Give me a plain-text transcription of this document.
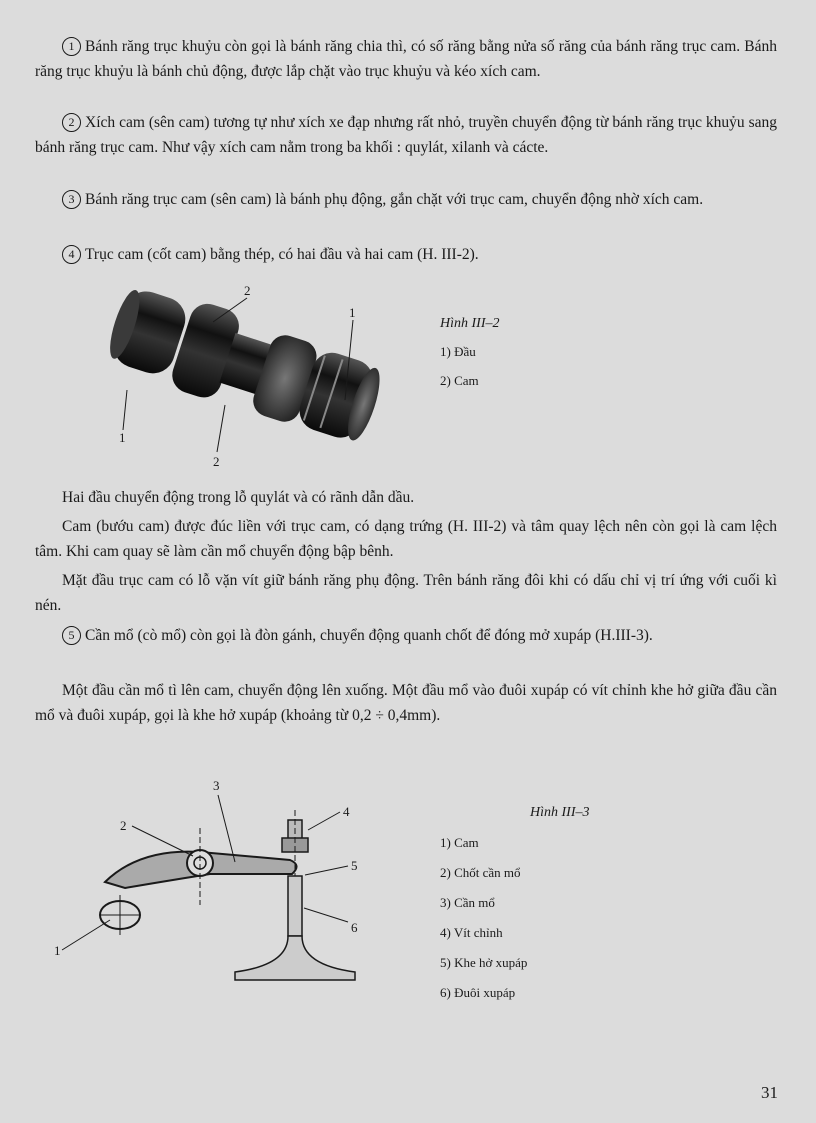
1 Bánh răng trục khuỷu còn gọi là bánh răng chia thì, có số răng bằng nửa số răng của bánh răng trục cam. Bánh răng trục khuỷu là bánh chủ động, được lắp chặt vào trục khuỷu và kéo xích cam.

2 Xích cam (sên cam) tương tự như xích xe đạp nhưng rất nhỏ, truyền chuyển động từ bánh răng trục khuỷu sang bánh răng trục cam. Như vậy xích cam nằm trong ba khối : quylát, xilanh và cácte.

3 Bánh răng trục cam (sên cam) là bánh phụ động, gắn chặt với trục cam, chuyển động nhờ xích cam.

4 Trục cam (cốt cam) bằng thép, có hai đầu và hai cam (H. III-2).

2
1
1
2
Hình III–2
1) Đầu
2) Cam

Hai đầu chuyển động trong lỗ quylát và có rãnh dẫn dầu.

Cam (bướu cam) được đúc liền với trục cam, có dạng trứng (H. III-2) và tâm quay lệch nên còn gọi là cam lệch tâm. Khi cam quay sẽ làm cần mổ chuyển động bập bênh.

Mặt đầu trục cam có lỗ vặn vít giữ bánh răng phụ động. Trên bánh răng đôi khi có dấu chỉ vị trí ứng với cuối kì nén.

5 Cần mổ (cò mổ) còn gọi là đòn gánh, chuyển động quanh chốt để đóng mở xupáp (H.III-3).

Một đầu cần mổ tì lên cam, chuyển động lên xuống. Một đầu mổ vào đuôi xupáp có vít chỉnh khe hở giữa đầu cần mổ và đuôi xupáp, gọi là khe hở xupáp (khoảng từ 0,2 ÷ 0,4mm).

1
2
3
4
5
6
Hình III–3
1) Cam
2) Chốt cần mổ
3) Cần mổ
4) Vít chỉnh
5) Khe hở xupáp
6) Đuôi xupáp
31
